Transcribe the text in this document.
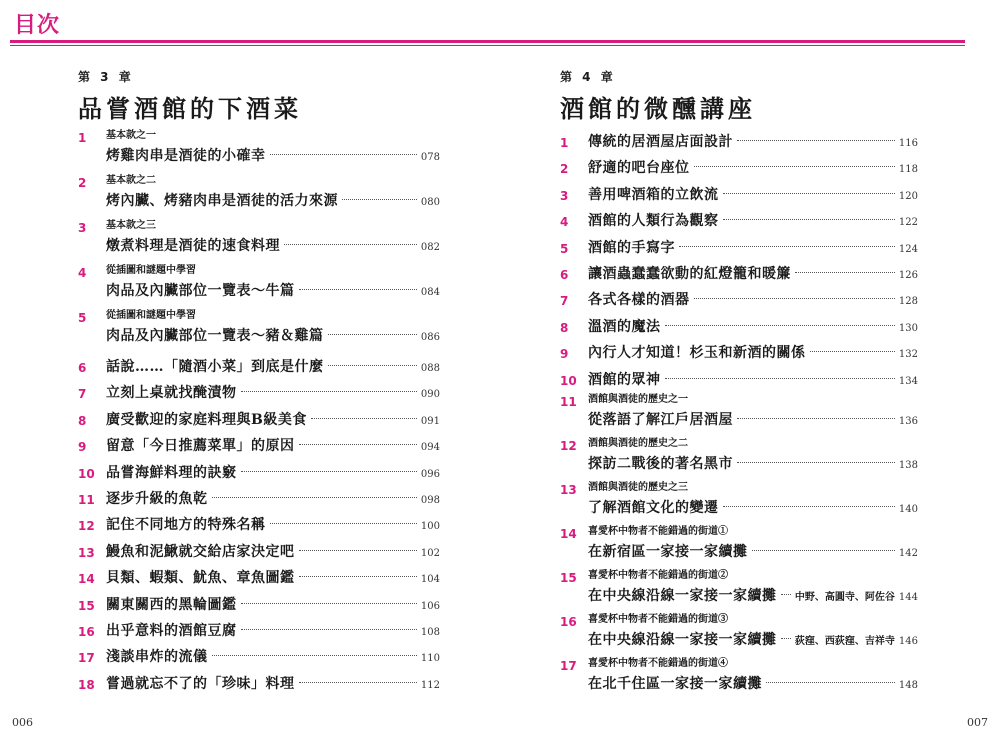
目次
第 3 章
品嘗酒館的下酒菜
1 基本款之一
烤雞肉串是酒徒的小確幸	078
2 基本款之二
烤內臟、烤豬肉串是酒徒的活力來源	080
3 基本款之三
燉煮料理是酒徒的速食料理	082
4 從插圖和謎題中學習
肉品及內臟部位一覽表～牛篇	084
5 從插圖和謎題中學習
肉品及內臟部位一覽表～豬＆雞篇	086
6 話說……「隨酒小菜」到底是什麼	088
7 立刻上桌就找醃漬物	090
8 廣受歡迎的家庭料理與B級美食	091
9 留意「今日推薦菜單」的原因	094
10 品嘗海鮮料理的訣竅	096
11 逐步升級的魚乾	098
12 記住不同地方的特殊名稱	100
13 鰻魚和泥鰍就交給店家決定吧	102
14 貝類、蝦類、魷魚、章魚圖鑑	104
15 關東關西的黑輪圖鑑	106
16 出乎意料的酒館豆腐	108
17 淺談串炸的流儀	110
18 嘗過就忘不了的「珍味」料理	112
第 4 章
酒館的微醺講座
1 傳統的居酒屋店面設計	116
2 舒適的吧台座位	118
3 善用啤酒箱的立飲流	120
4 酒館的人類行為觀察	122
5 酒館的手寫字	124
6 讓酒蟲蠢蠢欲動的紅燈籠和暖簾	126
7 各式各樣的酒器	128
8 溫酒的魔法	130
9 內行人才知道！杉玉和新酒的關係	132
10 酒館的眾神	134
11 酒館與酒徒的歷史之一
從落語了解江戶居酒屋	136
12 酒館與酒徒的歷史之二
探訪二戰後的著名黑市	138
13 酒館與酒徒的歷史之三
了解酒館文化的變遷	140
14 喜愛杯中物者不能錯過的街道①
在新宿區一家接一家續攤	142
15 喜愛杯中物者不能錯過的街道②
在中央線沿線一家接一家續攤 中野、高圓寺、阿佐谷 144
16 喜愛杯中物者不能錯過的街道③
在中央線沿線一家接一家續攤 荻窪、西荻窪、吉祥寺 146
17 喜愛杯中物者不能錯過的街道④
在北千住區一家接一家續攤	148
006	007
